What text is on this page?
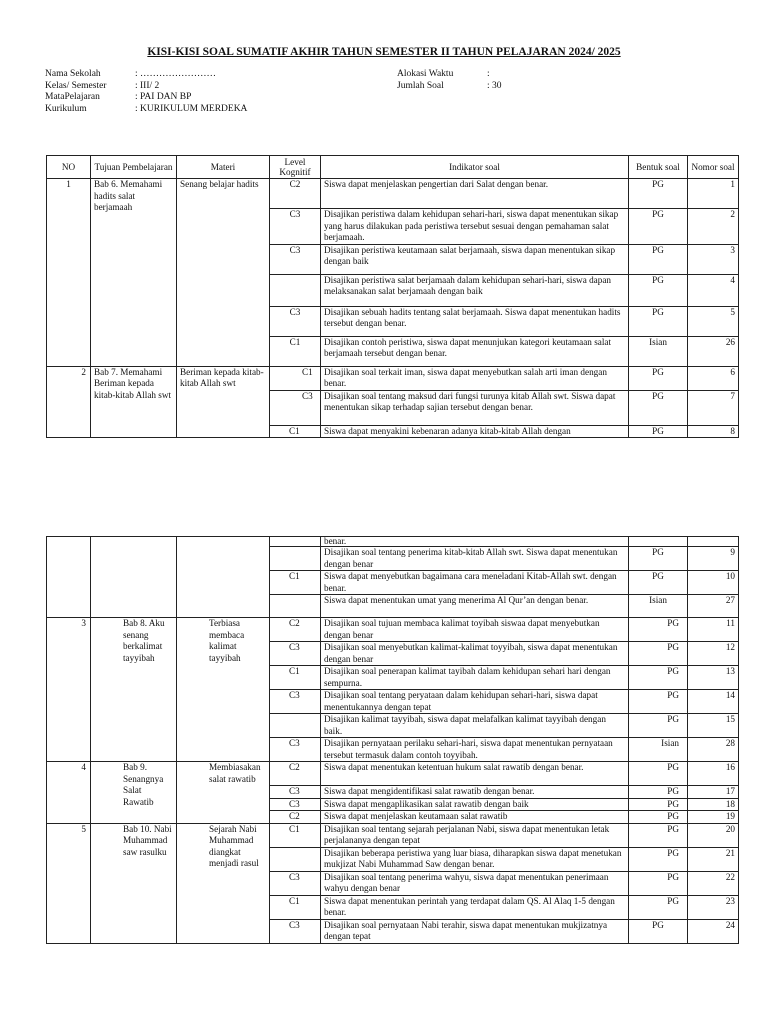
KISI-KISI SOAL SUMATIF AKHIR TAHUN SEMESTER II TAHUN PELAJARAN 2024/ 2025
Nama Sekolah	: ……………………
Kelas/ Semester	: III/ 2
MataPelajaran	: PAI DAN BP
Kurikulum	: KURIKULUM MERDEKA
Alokasi Waktu	:
Jumlah Soal	: 30
NO	Tujuan Pembelajaran	Materi	Level Kognitif	Indikator soal	Bentuk soal	Nomor soal
1	Bab 6. Memahami hadits salat berjamaah	Senang belajar hadits	C2	Siswa dapat menjelaskan pengertian dari Salat dengan benar.	PG	1
			C3	Disajikan peristiwa dalam kehidupan sehari-hari, siswa dapat menentukan sikap yang harus dilakukan pada peristiwa tersebut sesuai dengan pemahaman salat berjamaah.	PG	2
			C3	Disajikan peristiwa keutamaan salat berjamaah, siswa dapan menentukan sikap dengan baik	PG	3
				Disajikan peristiwa salat berjamaah dalam kehidupan sehari-hari, siswa dapan melaksanakan salat berjamaah dengan baik	PG	4
			C3	Disajikan sebuah hadits tentang salat berjamaah. Siswa dapat menentukan hadits tersebut dengan benar.	PG	5
			C1	Disajikan contoh peristiwa, siswa dapat menunjukan kategori keutamaan salat berjamaah tersebut dengan benar.	Isian	26
2	Bab 7. Memahami Beriman kepada kitab-kitab Allah swt	Beriman kepada kitab-kitab Allah swt	C1	Disajikan soal terkait iman, siswa dapat menyebutkan salah arti iman dengan benar.	PG	6
			C3	Disajikan soal tentang maksud dari fungsi turunya kitab Allah swt. Siswa dapat menentukan sikap terhadap sajian tersebut dengan benar.	PG	7
			C1	Siswa dapat menyakini kebenaran adanya kitab-kitab Allah dengan	PG	8
				benar.		
				Disajikan soal tentang penerima kitab-kitab Allah swt. Siswa dapat menentukan dengan benar	PG	9
			C1	Siswa dapat menyebutkan bagaimana cara meneladani Kitab-Allah swt. dengan benar.	PG	10
				Siswa dapat menentukan umat yang menerima Al Qur’an dengan benar.	Isian	27
3	Bab 8. Aku senang berkalimat tayyibah	Terbiasa membaca kalimat tayyibah	C2	Disajikan soal tujuan membaca kalimat toyibah siswaa dapat menyebutkan dengan benar	PG	11
			C3	Disajikan soal menyebutkan kalimat-kalimat toyyibah, siswa dapat menentukan dengan benar	PG	12
			C1	Disajikan soal penerapan kalimat tayibah dalam kehidupan sehari hari dengan sempurna.	PG	13
			C3	Disajikan soal tentang peryataan dalam kehidupan sehari-hari, siswa dapat menentukannya dengan tepat	PG	14
				Disajikan kalimat tayyibah, siswa dapat melafalkan kalimat tayyibah dengan baik.	PG	15
			C3	Disajikan pernyataan perilaku sehari-hari, siswa dapat menentukan pernyataan tersebut termasuk dalam contoh toyyibah.	Isian	28
4	Bab 9. Senangnya Salat Rawatib	Membiasakan salat rawatib	C2	Siswa dapat menentukan ketentuan hukum salat rawatib dengan benar.	PG	16
			C3	Siswa dapat mengidentifikasi salat rawatib dengan benar.	PG	17
			C3	Siswa dapat mengaplikasikan salat rawatib dengan baik	PG	18
			C2	Siswa dapat menjelaskan keutamaan salat rawatib	PG	19
5	Bab 10. Nabi Muhammad saw rasulku	Sejarah Nabi Muhammad diangkat menjadi rasul	C1	Disajikan soal tentang sejarah perjalanan Nabi, siswa dapat menentukan letak perjalananya dengan tepat	PG	20
				Disajikan beberapa peristiwa yang luar biasa, diharapkan siswa dapat menetukan mukjizat Nabi Muhammad Saw dengan benar.	PG	21
			C3	Disajikan soal tentang penerima wahyu, siswa dapat menentukan penerimaan wahyu dengan benar	PG	22
			C1	Siswa dapat menentukan perintah yang terdapat dalam QS. Al Alaq 1-5 dengan benar.	PG	23
			C3	Disajikan soal pernyataan Nabi terahir, siswa dapat menentukan mukjizatnya dengan tepat	PG	24
